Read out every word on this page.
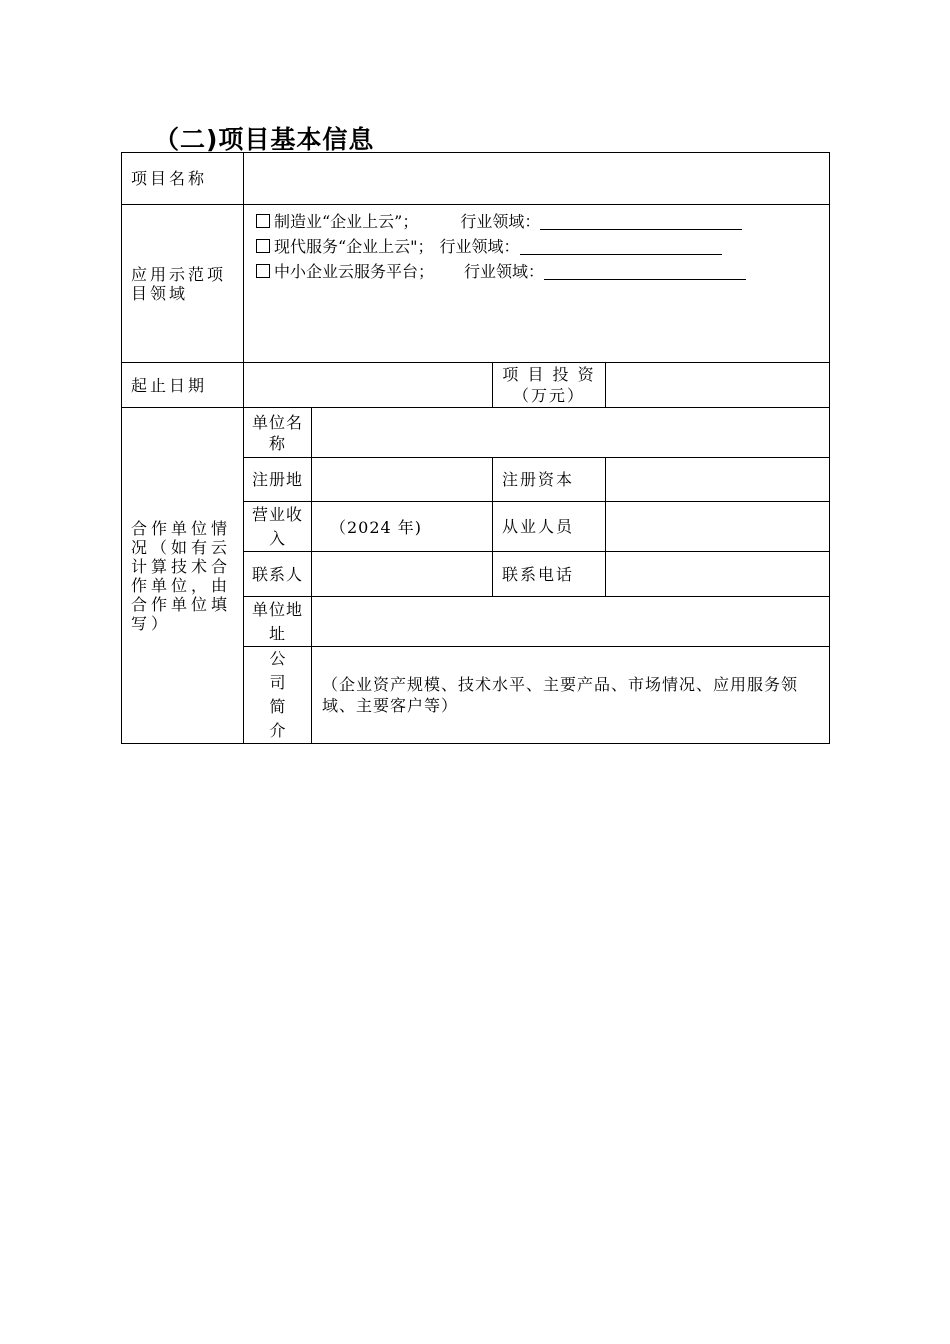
（二)项目基本信息
项目名称				
应用示范项目领域	制造业“企业上云”； 行业领域：
现代服务“企业上云"； 行业领域：
中小企业云服务平台； 行业领域：			

起止日期			项 目 投 资（万元）	
合作单位情况（如有云计算技术合作单位，由合作单位填写）	单位名称			
	注册地		注册资本	
	营业收入	（2024 年)	从业人员	
	联系人		联系电话	
	单位地址			
	公司简介	（企业资产规模、技术水平、主要产品、市场情况、应用服务领域、主要客户等）		
